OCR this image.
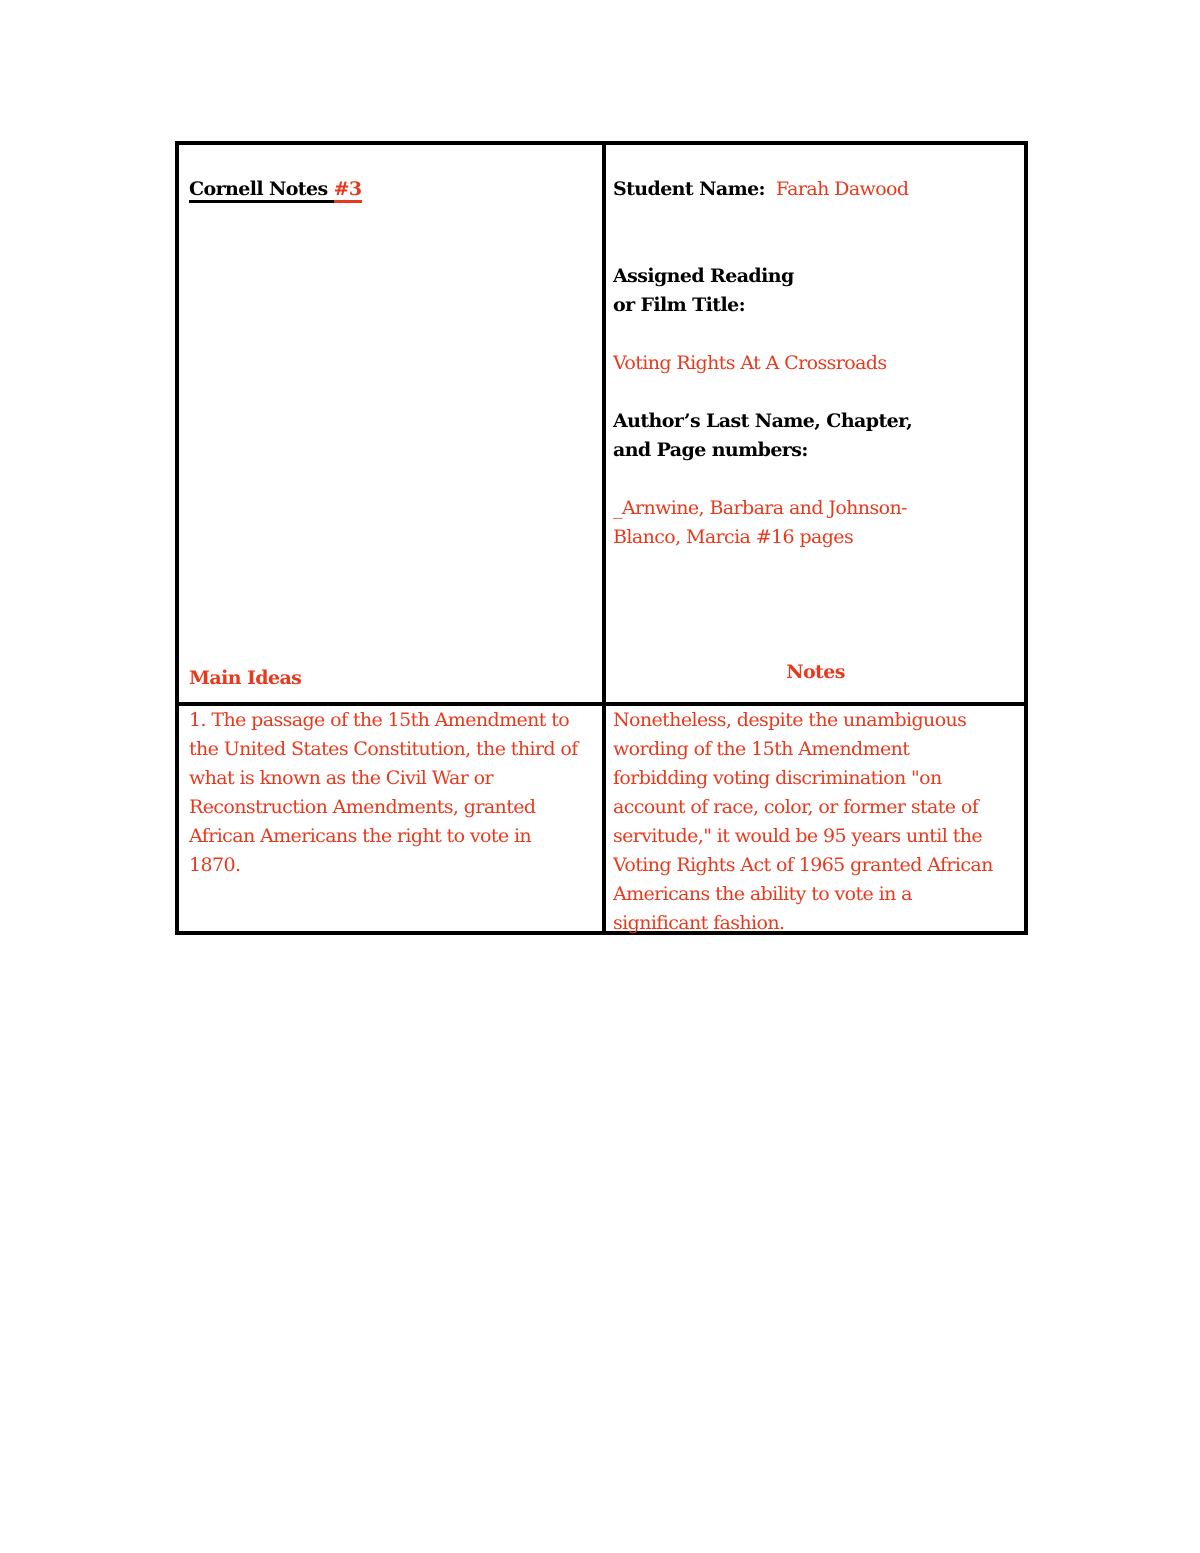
Cornell Notes #3
Main Ideas
Student Name: Farah Dawood
Assigned Reading
or Film Title:
Voting Rights At A Crossroads
Author’s Last Name, Chapter,
and Page numbers:
_Arnwine, Barbara and Johnson-
Blanco, Marcia #16 pages
Notes
1. The passage of the 15th Amendment to
the United States Constitution, the third of
what is known as the Civil War or
Reconstruction Amendments, granted
African Americans the right to vote in
1870.
Nonetheless, despite the unambiguous
wording of the 15th Amendment
forbidding voting discrimination "on
account of race, color, or former state of
servitude," it would be 95 years until the
Voting Rights Act of 1965 granted African
Americans the ability to vote in a
significant fashion.
